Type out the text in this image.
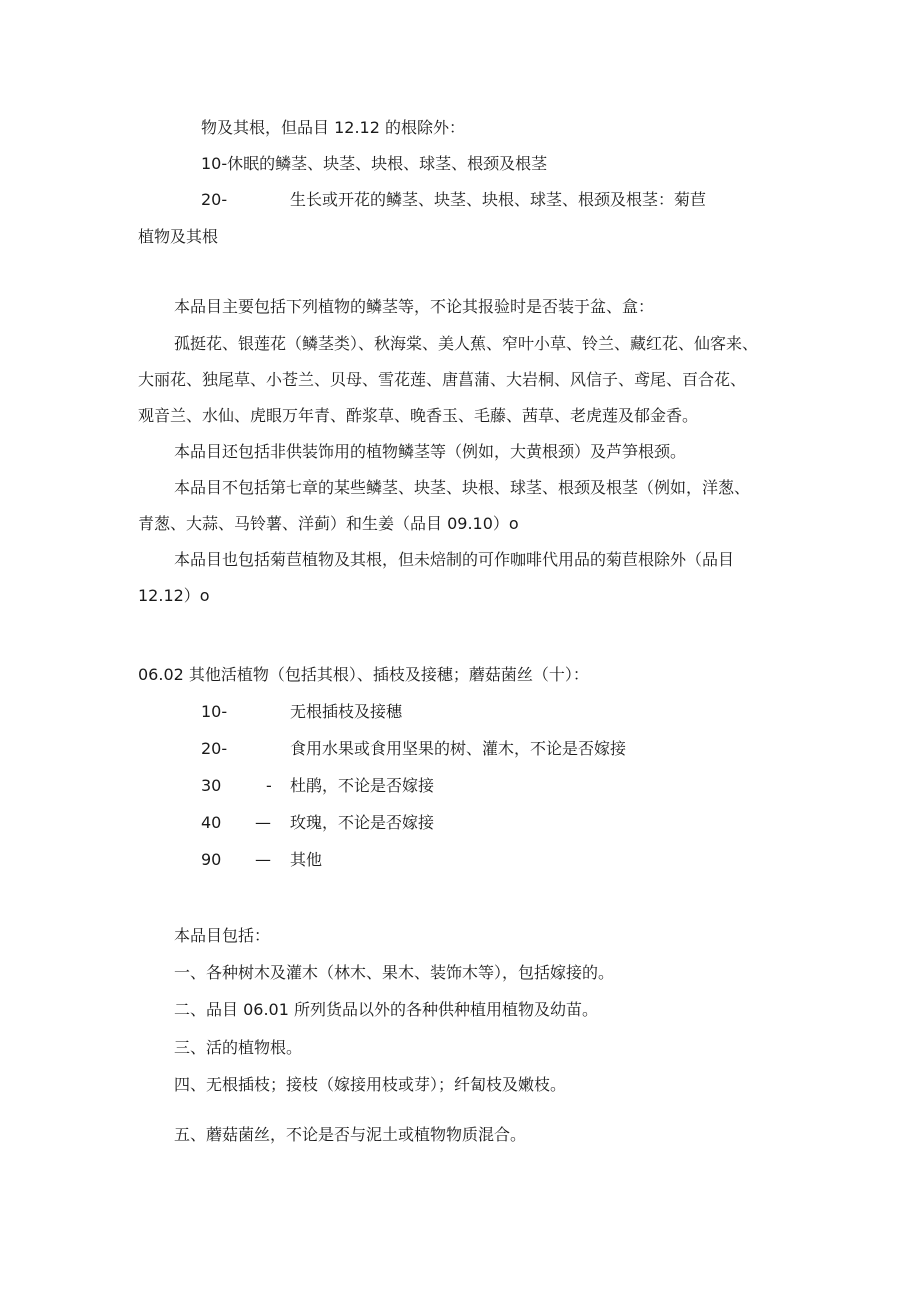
物及其根，但品目 12.12 的根除外：
10-休眠的鳞茎、块茎、块根、球茎、根颈及根茎
20-	生长或开花的鳞茎、块茎、块根、球茎、根颈及根茎：菊苣
植物及其根
本品目主要包括下列植物的鳞茎等，不论其报验时是否装于盆、盒：
孤挺花、银莲花（鳞茎类）、秋海棠、美人蕉、窄叶小草、铃兰、藏红花、仙客来、
大丽花、独尾草、小苍兰、贝母、雪花莲、唐菖蒲、大岩桐、风信子、鸢尾、百合花、
观音兰、水仙、虎眼万年青、酢浆草、晚香玉、毛藤、茜草、老虎莲及郁金香。
本品目还包括非供装饰用的植物鳞茎等（例如，大黄根颈）及芦笋根颈。
本品目不包括第七章的某些鳞茎、块茎、块根、球茎、根颈及根茎（例如，洋葱、
青葱、大蒜、马铃薯、洋蓟）和生姜（品目 09.10）o
本品目也包括菊苣植物及其根，但未焙制的可作咖啡代用品的菊苣根除外（品目
12.12）o
06.02 其他活植物（包括其根）、插枝及接穗；蘑菇菌丝（十）：
10-	无根插枝及接穗
20-	食用水果或食用坚果的树、灌木，不论是否嫁接
30	- 杜鹃，不论是否嫁接
40 — 玫瑰，不论是否嫁接
90 — 其他
本品目包括：
一、各种树木及灌木（林木、果木、装饰木等），包括嫁接的。
二、品目 06.01 所列货品以外的各种供种植用植物及幼苗。
三、活的植物根。
四、无根插枝；接枝（嫁接用枝或芽）；纤匐枝及嫩枝。
五、蘑菇菌丝，不论是否与泥土或植物物质混合。
